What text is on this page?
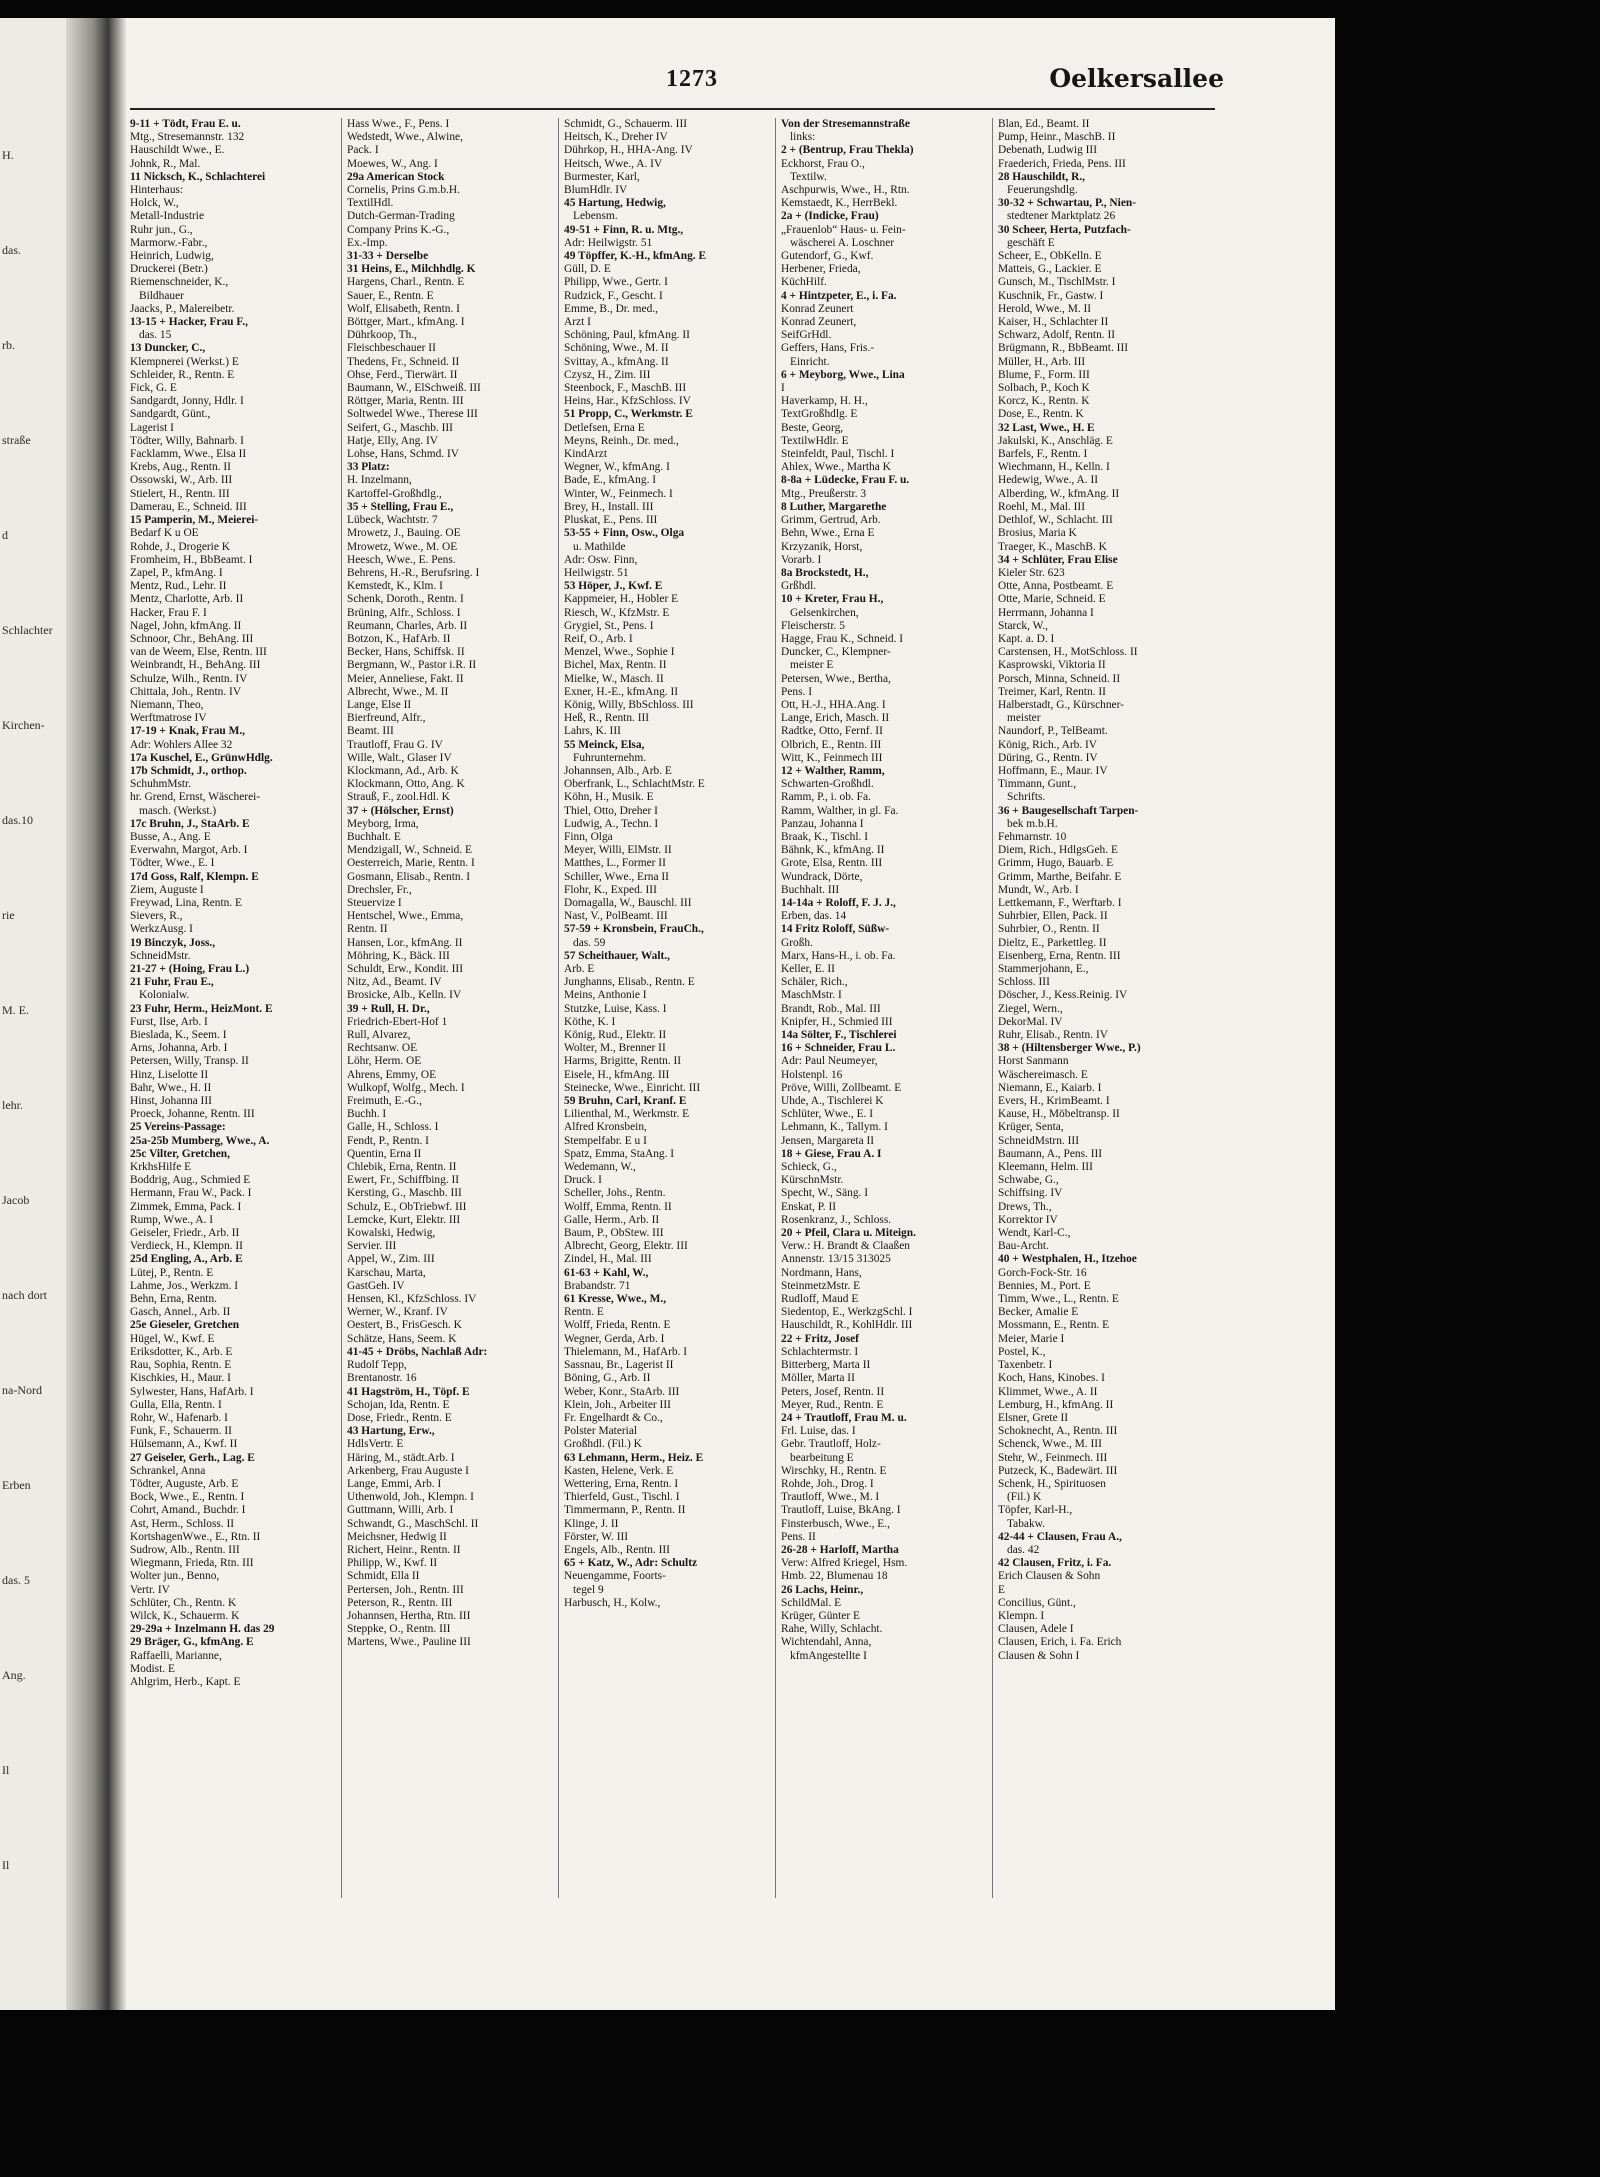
H.
das.
rb.
straße
d
Schlachter
Kirchen-
das.10
rie
M. E.
lehr.
Jacob
nach dort
na-Nord
Erben
das. 5
Ang.
Il
Il
1273	Oelkersallee
9-11 + Tödt, Frau E. u.
Mtg., Stresemannstr. 132
Hauschildt Wwe., E.
Johnk, R., Mal.
11 Nicksch, K., Schlachterei
Hinterhaus:
Holck, W.,
Metall-Industrie
Ruhr jun., G.,
Marmorw.-Fabr.,
Heinrich, Ludwig,
Druckerei (Betr.)
Riemenschneider, K.,
Bildhauer
Jaacks, P., Malereibetr.
13-15 + Hacker, Frau F.,
das. 15
13 Duncker, C.,
Klempnerei (Werkst.) E
Schleider, R., Rentn. E
Fick, G. E
Sandgardt, Jonny, Hdlr. I
Sandgardt, Günt.,
Lagerist I
Tödter, Willy, Bahnarb. I
Facklamm, Wwe., Elsa II
Krebs, Aug., Rentn. II
Ossowski, W., Arb. III
Stielert, H., Rentn. III
Damerau, E., Schneid. III
15 Pamperin, M., Meierei-
Bedarf K u OE
Rohde, J., Drogerie K
Fromheim, H., BbBeamt. I
Zapel, P., kfmAng. I
Mentz, Rud., Lehr. II
Mentz, Charlotte, Arb. II
Hacker, Frau F. I
Nagel, John, kfmAng. II
Schnoor, Chr., BehAng. III
van de Weem, Else, Rentn. III
Weinbrandt, H., BehAng. III
Schulze, Wilh., Rentn. IV
Chittala, Joh., Rentn. IV
Niemann, Theo,
Werftmatrose IV
17-19 + Knak, Frau M.,
Adr: Wohlers Allee 32
17a Kuschel, E., GrünwHdlg.
17b Schmidt, J., orthop.
SchuhmMstr.
hr. Grend, Ernst, Wäscherei-
masch. (Werkst.)
17c Bruhn, J., StaArb. E
Busse, A., Ang. E
Everwahn, Margot, Arb. I
Tödter, Wwe., E. I
17d Goss, Ralf, Klempn. E
Ziem, Auguste I
Freywad, Lina, Rentn. E
Sievers, R.,
WerkzAusg. I
19 Binczyk, Joss.,
SchneidMstr.
21-27 + (Hoing, Frau L.)
21 Fuhr, Frau E.,
Kolonialw.
23 Fuhr, Herm., HeizMont. E
Furst, Ilse, Arb. I
Bieslada, K., Seem. I
Arns, Johanna, Arb. I
Petersen, Willy, Transp. II
Hinz, Liselotte II
Bahr, Wwe., H. II
Hinst, Johanna III
Proeck, Johanne, Rentn. III
25 Vereins-Passage:
25a-25b Mumberg, Wwe., A.
25c Vilter, Gretchen,
KrkhsHilfe E
Boddrig, Aug., Schmied E
Hermann, Frau W., Pack. I
Zimmek, Emma, Pack. I
Rump, Wwe., A. I
Geiseler, Friedr., Arb. II
Verdieck, H., Klempn. II
25d Engling, A., Arb. E
Lütej, P., Rentn. E
Lahme, Jos., Werkzm. I
Behn, Erna, Rentn.
Gasch, Annel., Arb. II
25e Gieseler, Gretchen
Hügel, W., Kwf. E
Eriksdotter, K., Arb. E
Rau, Sophia, Rentn. E
Kischkies, H., Maur. I
Sylwester, Hans, HafArb. I
Gulla, Ella, Rentn. I
Rohr, W., Hafenarb. I
Funk, F., Schauerm. II
Hülsemann, A., Kwf. II
27 Geiseler, Gerh., Lag. E
Schrankel, Anna
Tödter, Auguste, Arb. E
Bock, Wwe., E., Rentn. I
Cohrt, Amand., Buchdr. I
Ast, Herm., Schloss. II
KortshagenWwe., E., Rtn. II
Sudrow, Alb., Rentn. III
Wiegmann, Frieda, Rtn. III
Wolter jun., Benno,
Vertr. IV
Schlüter, Ch., Rentn. K
Wilck, K., Schauerm. K
29-29a + Inzelmann H. das 29
29 Bräger, G., kfmAng. E
Raffaelli, Marianne,
Modist. E
Ahlgrim, Herb., Kapt. E
Hass Wwe., F., Pens. I
Wedstedt, Wwe., Alwine,
Pack. I
Moewes, W., Ang. I
29a American Stock
Cornelis, Prins G.m.b.H.
TextilHdl.
Dutch-German-Trading
Company Prins K.-G.,
Ex.-Imp.
31-33 + Derselbe
31 Heins, E., Milchhdlg. K
Hargens, Charl., Rentn. E
Sauer, E., Rentn. E
Wolf, Elisabeth, Rentn. I
Böttger, Mart., kfmAng. I
Dührkoop, Th.,
Fleischbeschauer II
Thedens, Fr., Schneid. II
Ohse, Ferd., Tierwärt. II
Baumann, W., ElSchweiß. III
Röttger, Maria, Rentn. III
Soltwedel Wwe., Therese III
Seifert, G., Maschb. III
Hatje, Elly, Ang. IV
Lohse, Hans, Schmd. IV
33 Platz:
H. Inzelmann,
Kartoffel-Großhdlg.,
35 + Stelling, Frau E.,
Lübeck, Wachtstr. 7
Mrowetz, J., Bauing. OE
Mrowetz, Wwe., M. OE
Heesch, Wwe., E. Pens.
Behrens, H.-R., Berufsring. I
Kemstedt, K., Klm. I
Schenk, Doroth., Rentn. I
Brüning, Alfr., Schloss. I
Reumann, Charles, Arb. II
Botzon, K., HafArb. II
Becker, Hans, Schiffsk. II
Bergmann, W., Pastor i.R. II
Meier, Anneliese, Fakt. II
Albrecht, Wwe., M. II
Lange, Else II
Bierfreund, Alfr.,
Beamt. III
Trautloff, Frau G. IV
Wille, Walt., Glaser IV
Klockmann, Ad., Arb. K
Klockmann, Otto, Ang. K
Strauß, F., zool.Hdl. K
37 + (Hölscher, Ernst)
Meyborg, Irma,
Buchhalt. E
Mendzigall, W., Schneid. E
Oesterreich, Marie, Rentn. I
Gosmann, Elisab., Rentn. I
Drechsler, Fr.,
Steuervize I
Hentschel, Wwe., Emma,
Rentn. II
Hansen, Lor., kfmAng. II
Möhring, K., Bäck. III
Schuldt, Erw., Kondit. III
Nitz, Ad., Beamt. IV
Brosicke, Alb., Kelln. IV
39 + Rull, H. Dr.,
Friedrich-Ebert-Hof 1
Rull, Alvarez,
Rechtsanw. OE
Löhr, Herm. OE
Ahrens, Emmy, OE
Wulkopf, Wolfg., Mech. I
Freimuth, E.-G.,
Buchh. I
Galle, H., Schloss. I
Fendt, P., Rentn. I
Quentin, Erna II
Chlebik, Erna, Rentn. II
Ewert, Fr., Schiffbing. II
Kersting, G., Maschb. III
Schulz, E., ObTriebwf. III
Lemcke, Kurt, Elektr. III
Kowalski, Hedwig,
Servier. III
Appel, W., Zim. III
Karschau, Marta,
GastGeh. IV
Hensen, Kl., KfzSchloss. IV
Werner, W., Kranf. IV
Oestert, B., FrisGesch. K
Schätze, Hans, Seem. K
41-45 + Dröbs, Nachlaß Adr:
Rudolf Tepp,
Brentanostr. 16
41 Hagström, H., Töpf. E
Schojan, Ida, Rentn. E
Dose, Friedr., Rentn. E
43 Hartung, Erw.,
HdlsVertr. E
Häring, M., städt.Arb. I
Arkenberg, Frau Auguste I
Lange, Emmi, Arb. I
Uthenwold, Joh., Klempn. I
Guttmann, Willi, Arb. I
Schwandt, G., MaschSchl. II
Meichsner, Hedwig II
Richert, Heinr., Rentn. II
Philipp, W., Kwf. II
Schmidt, Ella II
Pertersen, Joh., Rentn. III
Peterson, R., Rentn. III
Johannsen, Hertha, Rtn. III
Steppke, O., Rentn. III
Martens, Wwe., Pauline III
Schmidt, G., Schauerm. III
Heitsch, K., Dreher IV
Dührkop, H., HHA-Ang. IV
Heitsch, Wwe., A. IV
Burmester, Karl,
BlumHdlr. IV
45 Hartung, Hedwig,
Lebensm.
49-51 + Finn, R. u. Mtg.,
Adr: Heilwigstr. 51
49 Töpffer, K.-H., kfmAng. E
Güll, D. E
Philipp, Wwe., Gertr. I
Rudzick, F., Gescht. I
Emme, B., Dr. med.,
Arzt I
Schöning, Paul, kfmAng. II
Schöning, Wwe., M. II
Svittay, A., kfmAng. II
Czysz, H., Zim. III
Steenbock, F., MaschB. III
Heins, Har., KfzSchloss. IV
51 Propp, C., Werkmstr. E
Detlefsen, Erna E
Meyns, Reinh., Dr. med.,
KindArzt
Wegner, W., kfmAng. I
Bade, E., kfmAng. I
Winter, W., Feinmech. I
Brey, H., Install. III
Pluskat, E., Pens. III
53-55 + Finn, Osw., Olga
u. Mathilde
Adr: Osw. Finn,
Heilwigstr. 51
53 Höper, J., Kwf. E
Kappmeier, H., Hobler E
Riesch, W., KfzMstr. E
Grygiel, St., Pens. I
Reif, O., Arb. I
Menzel, Wwe., Sophie I
Bichel, Max, Rentn. II
Mielke, W., Masch. II
Exner, H.-E., kfmAng. II
König, Willy, BbSchloss. III
Heß, R., Rentn. III
Lahrs, K. III
55 Meinck, Elsa,
Fuhrunternehm.
Johannsen, Alb., Arb. E
Oberfrank, L., SchlachtMstr. E
Köhn, H., Musik. E
Thiel, Otto, Dreher I
Ludwig, A., Techn. I
Finn, Olga
Meyer, Willi, ElMstr. II
Matthes, L., Former II
Schiller, Wwe., Erna II
Flohr, K., Exped. III
Domagalla, W., Bauschl. III
Nast, V., PolBeamt. III
57-59 + Kronsbein, FrauCh.,
das. 59
57 Scheithauer, Walt.,
Arb. E
Junghanns, Elisab., Rentn. E
Meins, Anthonie I
Stutzke, Luise, Kass. I
Köthe, K. I
König, Rud., Elektr. II
Wolter, M., Brenner II
Harms, Brigitte, Rentn. II
Eisele, H., kfmAng. III
Steinecke, Wwe., Einricht. III
59 Bruhn, Carl, Kranf. E
Lilienthal, M., Werkmstr. E
Alfred Kronsbein,
Stempelfabr. E u I
Spatz, Emma, StaAng. I
Wedemann, W.,
Druck. I
Scheller, Johs., Rentn.
Wolff, Emma, Rentn. II
Galle, Herm., Arb. II
Baum, P., ObStew. III
Albrecht, Georg, Elektr. III
Zindel, H., Mal. III
61-63 + Kahl, W.,
Brabandstr. 71
61 Kresse, Wwe., M.,
Rentn. E
Wolff, Frieda, Rentn. E
Wegner, Gerda, Arb. I
Thielemann, M., HafArb. I
Sassnau, Br., Lagerist II
Böning, G., Arb. II
Weber, Konr., StaArb. III
Klein, Joh., Arbeiter III
Fr. Engelhardt & Co.,
Polster Material
Großhdl. (Fil.) K
63 Lehmann, Herm., Heiz. E
Kasten, Helene, Verk. E
Wettering, Erna, Rentn. I
Thierfeld, Gust., Tischl. I
Timmermann, P., Rentn. II
Klinge, J. II
Förster, W. III
Engels, Alb., Rentn. III
65 + Katz, W., Adr: Schultz
Neuengamme, Foorts-
tegel 9
Harbusch, H., Kolw.,
Von der Stresemannstraße
links:
2 + (Bentrup, Frau Thekla)
Eckhorst, Frau O.,
Textilw.
Aschpurwis, Wwe., H., Rtn.
Kemstaedt, K., HerrBekl.
2a + (Indicke, Frau)
„Frauenlob“ Haus- u. Fein-
wäscherei A. Loschner
Gutendorf, G., Kwf.
Herbener, Frieda,
KüchHilf.
4 + Hintzpeter, E., i. Fa.
Konrad Zeunert
Konrad Zeunert,
SeifGrHdl.
Geffers, Hans, Fris.-
Einricht.
6 + Meyborg, Wwe., Lina
I
Haverkamp, H. H.,
TextGroßhdlg. E
Beste, Georg,
TextilwHdlr. E
Steinfeldt, Paul, Tischl. I
Ahlex, Wwe., Martha K
8-8a + Lüdecke, Frau F. u.
Mtg., Preußerstr. 3
8 Luther, Margarethe
Grimm, Gertrud, Arb.
Behn, Wwe., Erna E
Krzyzanik, Horst,
Vorarb. I
8a Brockstedt, H.,
Grßhdl.
10 + Kreter, Frau H.,
Gelsenkirchen,
Fleischerstr. 5
Hagge, Frau K., Schneid. I
Duncker, C., Klempner-
meister E
Petersen, Wwe., Bertha,
Pens. I
Ott, H.-J., HHA.Ang. I
Lange, Erich, Masch. II
Radtke, Otto, Fernf. II
Olbrich, E., Rentn. III
Witt, K., Feinmech III
12 + Walther, Ramm,
Schwarten-Großhdl.
Ramm, P., i. ob. Fa.
Ramm, Walther, in gl. Fa.
Panzau, Johanna I
Braak, K., Tischl. I
Bähnk, K., kfmAng. II
Grote, Elsa, Rentn. III
Wundrack, Dörte,
Buchhalt. III
14-14a + Roloff, F. J. J.,
Erben, das. 14
14 Fritz Roloff, Süßw-
Großh.
Marx, Hans-H., i. ob. Fa.
Keller, E. II
Schäler, Rich.,
MaschMstr. I
Brandt, Rob., Mal. III
Knipfer, H., Schmied III
14a Sölter, F., Tischlerei
16 + Schneider, Frau L.
Adr: Paul Neumeyer,
Holstenpl. 16
Pröve, Willi, Zollbeamt. E
Uhde, A., Tischlerei K
Schlüter, Wwe., E. I
Lehmann, K., Tallym. I
Jensen, Margareta II
18 + Giese, Frau A. I
Schieck, G.,
KürschnMstr.
Specht, W., Säng. I
Enskat, P. II
Rosenkranz, J., Schloss.
20 + Pfeil, Clara u. Miteign.
Verw.: H. Brandt & Claaßen
Annenstr. 13/15 313025
Nordmann, Hans,
SteinmetzMstr. E
Rudloff, Maud E
Siedentop, E., WerkzgSchl. I
Hauschildt, R., KohlHdlr. III
22 + Fritz, Josef
Schlachtermstr. I
Bitterberg, Marta II
Möller, Marta II
Peters, Josef, Rentn. II
Meyer, Rud., Rentn. E
24 + Trautloff, Frau M. u.
Frl. Luise, das. I
Gebr. Trautloff, Holz-
bearbeitung E
Wirschky, H., Rentn. E
Rohde, Joh., Drog. I
Trautloff, Wwe., M. I
Trautloff, Luise, BkAng. I
Finsterbusch, Wwe., E.,
Pens. II
26-28 + Harloff, Martha
Verw: Alfred Kriegel, Hsm.
Hmb. 22, Blumenau 18
26 Lachs, Heinr.,
SchildMal. E
Krüger, Günter E
Rahe, Willy, Schlacht.
Wichtendahl, Anna,
kfmAngestellte I
Blan, Ed., Beamt. II
Pump, Heinr., MaschB. II
Debenath, Ludwig III
Fraederich, Frieda, Pens. III
28 Hauschildt, R.,
Feuerungshdlg.
30-32 + Schwartau, P., Nien-
stedtener Marktplatz 26
30 Scheer, Herta, Putzfach-
geschäft E
Scheer, E., ObKelln. E
Matteis, G., Lackier. E
Gunsch, M., TischlMstr. I
Kuschnik, Fr., Gastw. I
Herold, Wwe., M. II
Kaiser, H., Schlachter II
Schwarz, Adolf, Rentn. II
Brügmann, R., BbBeamt. III
Müller, H., Arb. III
Blume, F., Form. III
Solbach, P., Koch K
Korcz, K., Rentn. K
Dose, E., Rentn. K
32 Last, Wwe., H. E
Jakulski, K., Anschläg. E
Barfels, F., Rentn. I
Wiechmann, H., Kelln. I
Hedewig, Wwe., A. II
Alberding, W., kfmAng. II
Roehl, M., Mal. III
Dethlof, W., Schlacht. III
Brosius, Maria K
Traeger, K., MaschB. K
34 + Schlüter, Frau Elise
Kieler Str. 623
Otte, Anna, Postbeamt. E
Otte, Marie, Schneid. E
Herrmann, Johanna I
Starck, W.,
Kapt. a. D. I
Carstensen, H., MotSchloss. II
Kasprowski, Viktoria II
Porsch, Minna, Schneid. II
Treimer, Karl, Rentn. II
Halberstadt, G., Kürschner-
meister
Naundorf, P., TelBeamt.
König, Rich., Arb. IV
Düring, G., Rentn. IV
Hoffmann, E., Maur. IV
Timmann, Gunt.,
Schrifts.
36 + Baugesellschaft Tarpen-
bek m.b.H.
Fehmarnstr. 10
Diem, Rich., HdlgsGeh. E
Grimm, Hugo, Bauarb. E
Grimm, Marthe, Beifahr. E
Mundt, W., Arb. I
Lettkemann, F., Werftarb. I
Suhrbier, Ellen, Pack. II
Suhrbier, O., Rentn. II
Dieltz, E., Parkettleg. II
Eisenberg, Erna, Rentn. III
Stammerjohann, E.,
Schloss. III
Döscher, J., Kess.Reinig. IV
Ziegel, Wern.,
DekorMal. IV
Ruhr, Elisab., Rentn. IV
38 + (Hiltensberger Wwe., P.)
Horst Sanmann
Wäschereimasch. E
Niemann, E., Kaiarb. I
Evers, H., KrimBeamt. I
Kause, H., Möbeltransp. II
Krüger, Senta,
SchneidMstrn. III
Baumann, A., Pens. III
Kleemann, Helm. III
Schwabe, G.,
Schiffsing. IV
Drews, Th.,
Korrektor IV
Wendt, Karl-C.,
Bau-Archt.
40 + Westphalen, H., Itzehoe
Gorch-Fock-Str. 16
Bennies, M., Port. E
Timm, Wwe., L., Rentn. E
Becker, Amalie E
Mossmann, E., Rentn. E
Meier, Marie I
Postel, K.,
Taxenbetr. I
Koch, Hans, Kinobes. I
Klimmet, Wwe., A. II
Lemburg, H., kfmAng. II
Elsner, Grete II
Schoknecht, A., Rentn. III
Schenck, Wwe., M. III
Stehr, W., Feinmech. III
Putzeck, K., Badewärt. III
Schenk, H., Spirituosen
(Fil.) K
Töpfer, Karl-H.,
Tabakw.
42-44 + Clausen, Frau A.,
das. 42
42 Clausen, Fritz, i. Fa.
Erich Clausen & Sohn
E
Concilius, Günt.,
Klempn. I
Clausen, Adele I
Clausen, Erich, i. Fa. Erich
Clausen & Sohn I
